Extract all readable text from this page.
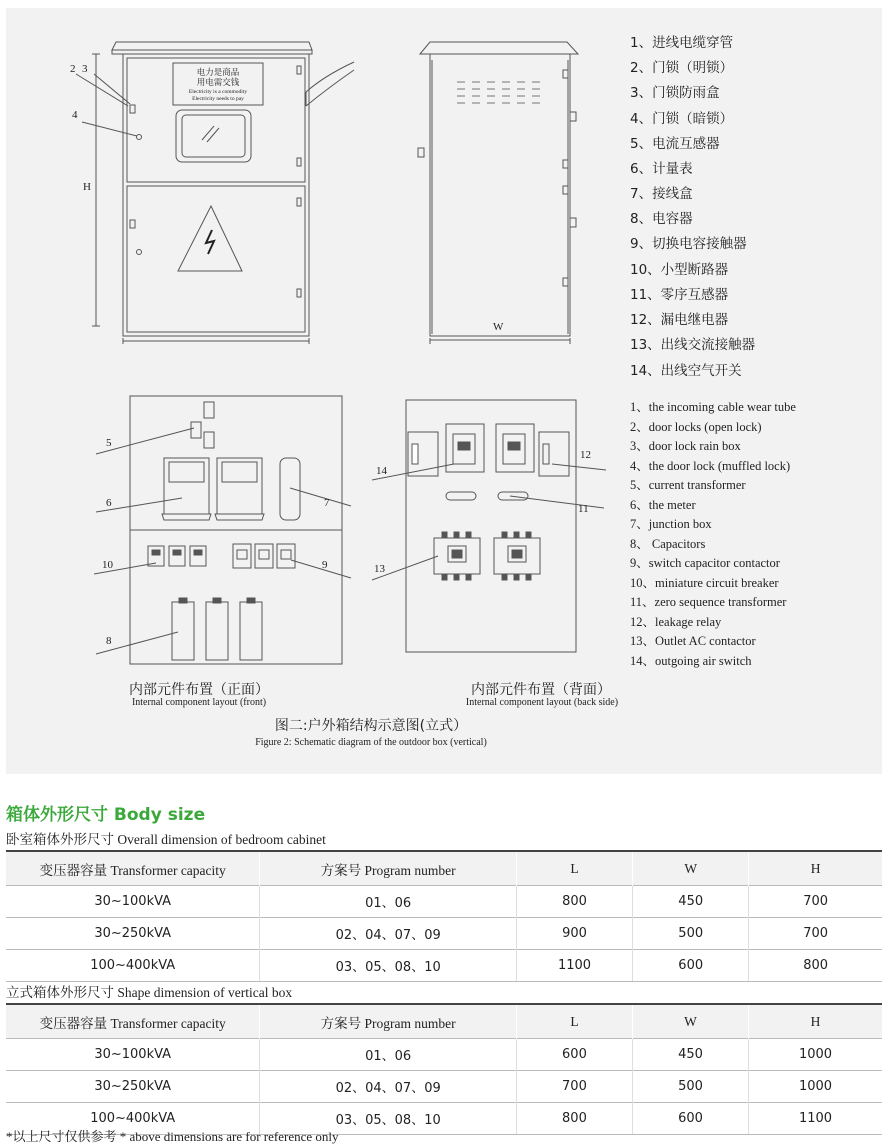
电力是商品
用电需交钱
Electricity is a commodity
Electricity needs to pay
2 3
4
H
W
5
6	7
10	9
8
14
12
11
13
内部元件布置（正面）
Internal component layout (front)
内部元件布置（背面）
Internal component layout (back side)
图二:户外箱结构示意图(立式）
Figure 2: Schematic diagram of the outdoor box (vertical)
1、进线电缆穿管
2、门锁（明锁）
3、门锁防雨盒
4、门锁（暗锁）
5、电流互感器
6、计量表
7、接线盒
8、电容器
9、切换电容接触器
10、小型断路器
11、零序互感器
12、漏电继电器
13、出线交流接触器
14、出线空气开关
1、the incoming cable wear tube
2、door locks (open lock)
3、door lock rain box
4、the door lock (muffled lock)
5、current transformer
6、the meter
7、junction box
8、 Capacitors
9、switch capacitor contactor
10、miniature circuit breaker
11、zero sequence transformer
12、leakage relay
13、Outlet AC contactor
14、outgoing air switch
箱体外形尺寸 Body size
卧室箱体外形尺寸 Overall dimension of bedroom cabinet
变压器容量 Transformer capacity	方案号 Program number	L	W	H
30~100kVA	01、06	800	450	700
30~250kVA	02、04、07、09	900	500	700
100~400kVA	03、05、08、10	1100	600	800
立式箱体外形尺寸 Shape dimension of vertical box
变压器容量 Transformer capacity	方案号 Program number	L	W	H
30~100kVA	01、06	600	450	1000
30~250kVA	02、04、07、09	700	500	1000
100~400kVA	03、05、08、10	800	600	1100
*以上尺寸仅供参考 * above dimensions are for reference only
